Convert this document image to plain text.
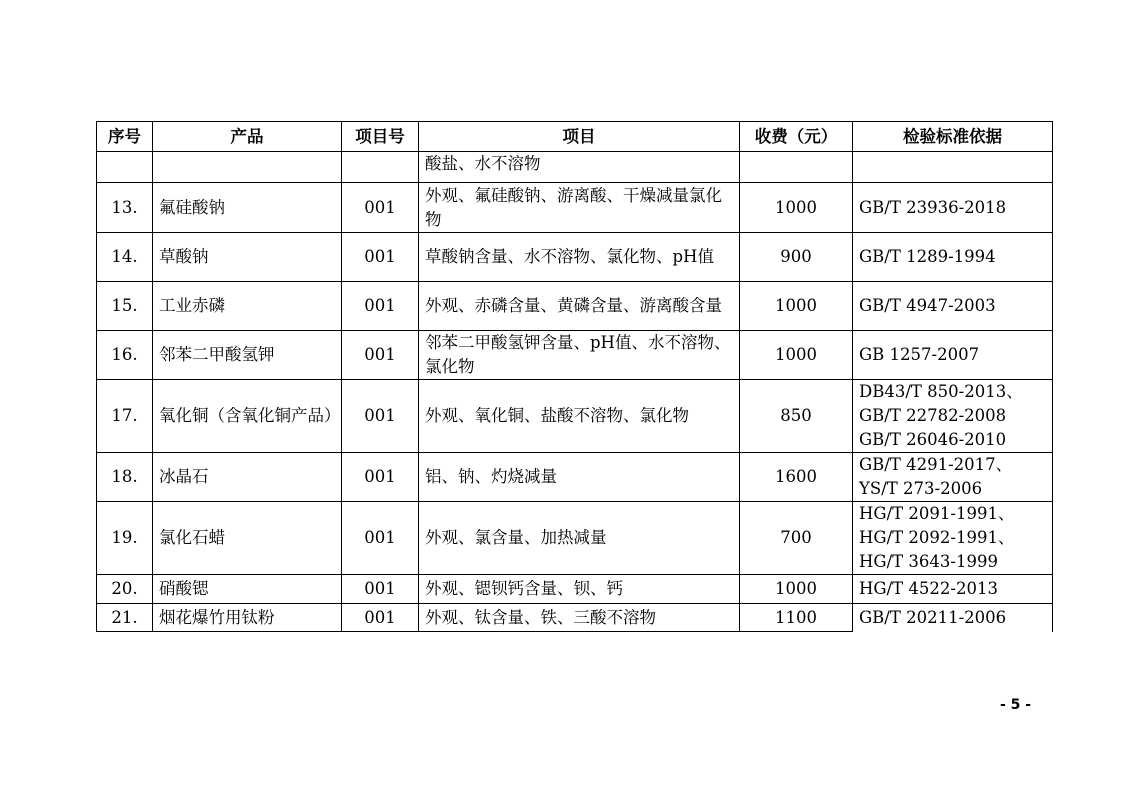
序号	产品	项目号	项目	收费（元）	检验标准依据
			酸盐、水不溶物		
13.	氟硅酸钠	001	外观、氟硅酸钠、游离酸、干燥减量氯化物	1000	GB/T 23936-2018
14.	草酸钠	001	草酸钠含量、水不溶物、氯化物、pH值	900	GB/T 1289-1994
15.	工业赤磷	001	外观、赤磷含量、黄磷含量、游离酸含量	1000	GB/T 4947-2003
16.	邻苯二甲酸氢钾	001	邻苯二甲酸氢钾含量、pH值、水不溶物、氯化物	1000	GB 1257-2007
17.	氧化铜（含氧化铜产品）	001	外观、氧化铜、盐酸不溶物、氯化物	850	DB43/T 850-2013、GB/T 22782-2008 GB/T 26046-2010
18.	冰晶石	001	铝、钠、灼烧减量	1600	GB/T 4291-2017、YS/T 273-2006
19.	氯化石蜡	001	外观、氯含量、加热减量	700	HG/T 2091-1991、HG/T 2092-1991、HG/T 3643-1999
20.	硝酸锶	001	外观、锶钡钙含量、钡、钙	1000	HG/T 4522-2013
21.	烟花爆竹用钛粉	001	外观、钛含量、铁、三酸不溶物	1100	GB/T 20211-2006
- 5 -
